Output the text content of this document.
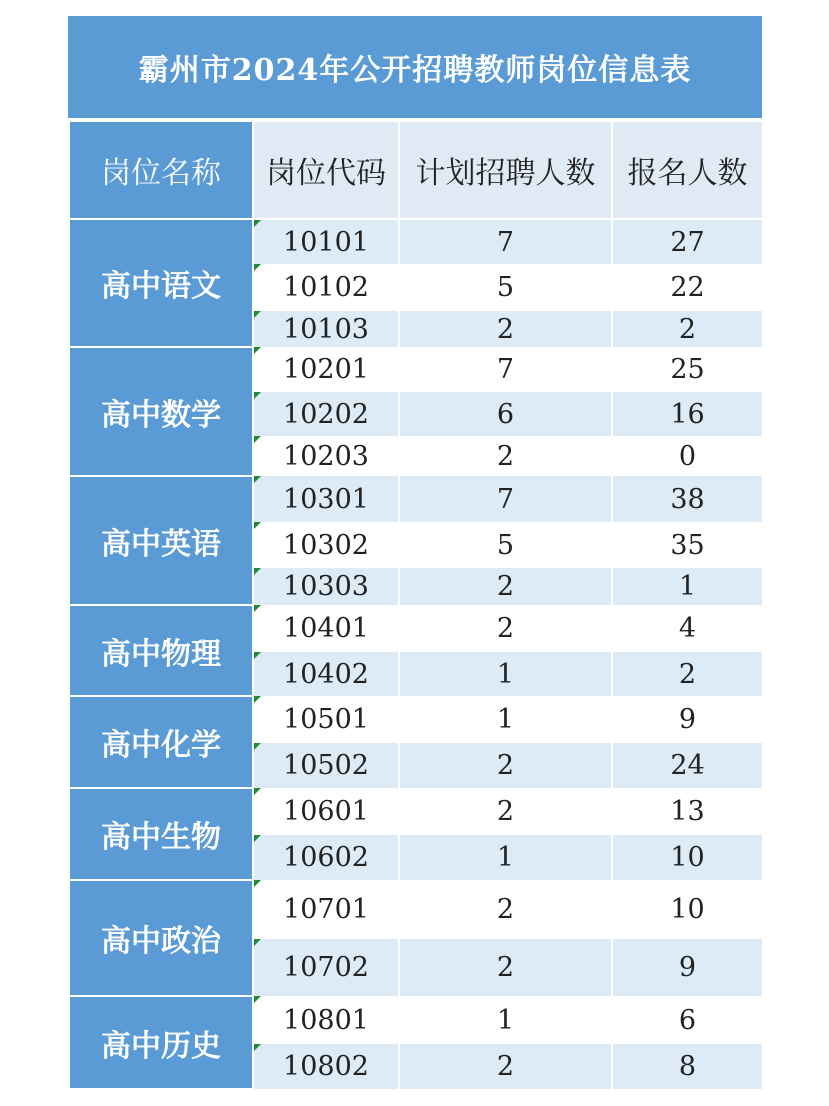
霸州市2024年公开招聘教师岗位信息表
岗位名称	岗位代码	计划招聘人数	报名人数
高中语文	10101	7	27

10102	5	22

10103	2	2
高中数学	10201	7	25

10202	6	16

10203	2	0
高中英语	10301	7	38

10302	5	35

10303	2	1
高中物理	10401	2	4

10402	1	2
高中化学	10501	1	9

10502	2	24
高中生物	10601	2	13

10602	1	10
高中政治	10701	2	10

10702	2	9
高中历史	10801	1	6

10802	2	8
